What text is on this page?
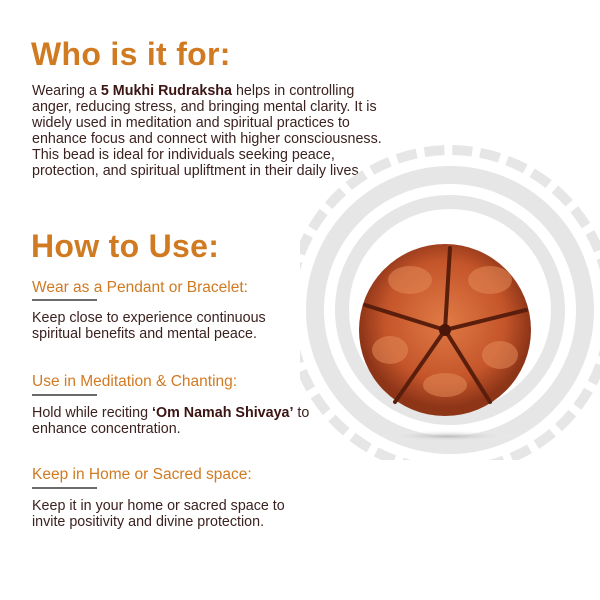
Who is it for:
Wearing a 5 Mukhi Rudraksha helps in controlling anger, reducing stress, and bringing mental clarity. It is widely used in meditation and spiritual practices to enhance focus and connect with higher consciousness. This bead is ideal for individuals seeking peace, protection, and spiritual upliftment in their daily lives.
How to Use:
Wear as a Pendant or Bracelet:
Keep close to experience continuous spiritual benefits and mental peace.
Use in Meditation & Chanting:
Hold while reciting ‘Om Namah Shivaya’ to enhance concentration.
Keep in Home or Sacred space:
Keep it in your home or sacred space to invite positivity and divine protection.
